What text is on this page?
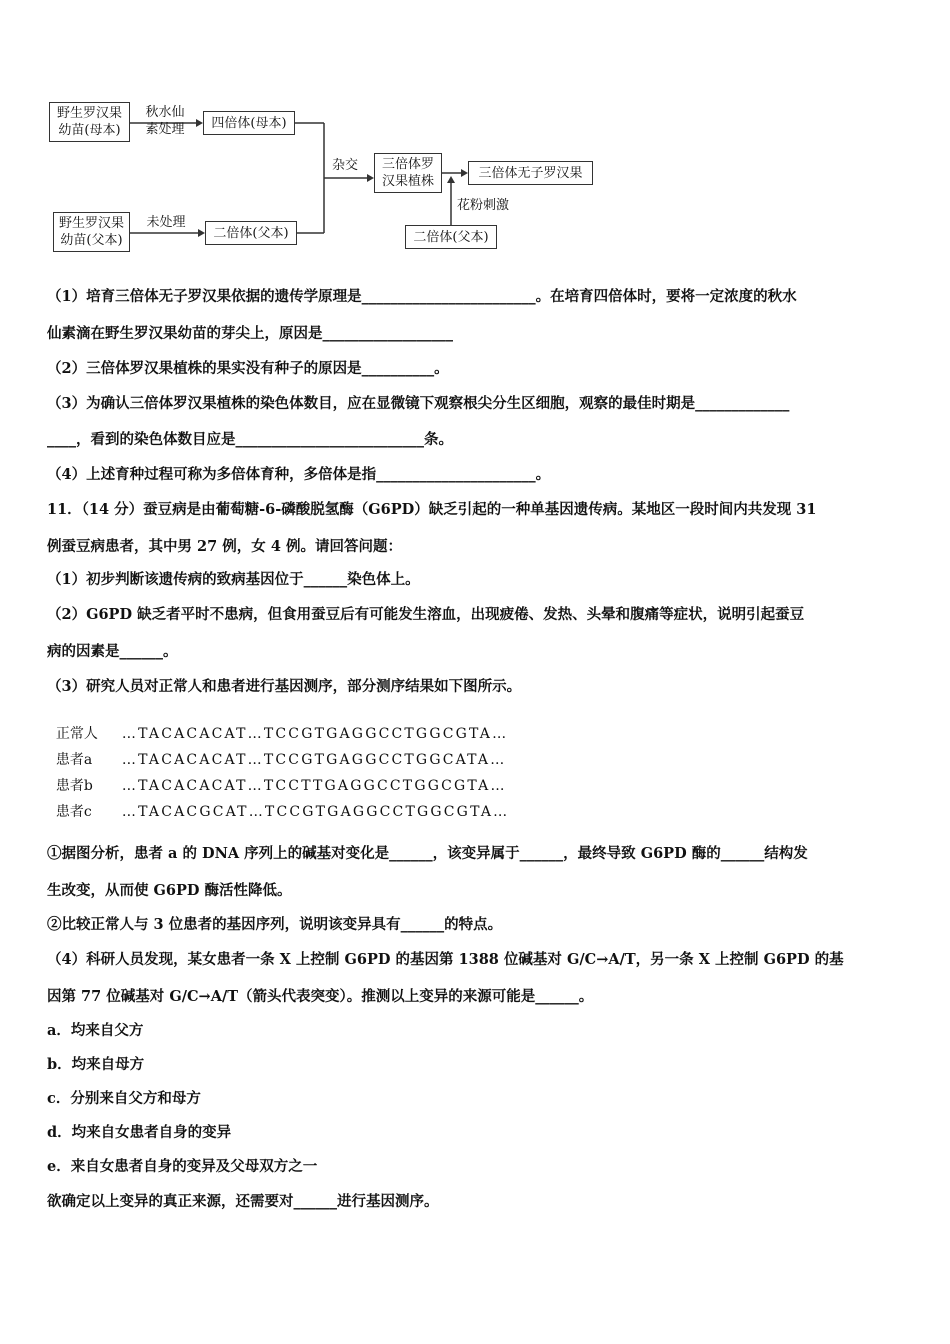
野生罗汉果
幼苗(母本)
秋水仙
素处理	四倍体(母本)
野生罗汉果
幼苗(父本)
未处理
二倍体(父本)
杂交	三倍体罗
汉果植株
三倍体无子罗汉果
花粉刺激
二倍体(父本)
（1）培育三倍体无子罗汉果依据的遗传学原理是________________________。在培育四倍体时，要将一定浓度的秋水
仙素滴在野生罗汉果幼苗的芽尖上，原因是__________________
（2）三倍体罗汉果植株的果实没有种子的原因是__________。
（3）为确认三倍体罗汉果植株的染色体数目，应在显微镜下观察根尖分生区细胞，观察的最佳时期是_____________
____，看到的染色体数目应是__________________________条。
（4）上述育种过程可称为多倍体育种，多倍体是指______________________。
11．（14 分）蚕豆病是由葡萄糖-6-磷酸脱氢酶（G6PD）缺乏引起的一种单基因遗传病。某地区一段时间内共发现 31
例蚕豆病患者，其中男 27 例，女 4 例。请回答问题：
（1）初步判断该遗传病的致病基因位于______染色体上。
（2）G6PD 缺乏者平时不患病，但食用蚕豆后有可能发生溶血，出现疲倦、发热、头晕和腹痛等症状，说明引起蚕豆
病的因素是______。
（3）研究人员对正常人和患者进行基因测序，部分测序结果如下图所示。

正常人 …TACACACAT…TCCGTGAGGCCTGGCGTA…

患者a …TACACACAT…TCCGTGAGGCCTGGCATA…

患者b …TACACACAT…TCCTTGAGGCCTGGCGTA…

患者c …TACACGCAT…TCCGTGAGGCCTGGCGTA…

①据图分析，患者 a 的 DNA 序列上的碱基对变化是______，该变异属于______，最终导致 G6PD 酶的______结构发
生改变，从而使 G6PD 酶活性降低。
②比较正常人与 3 位患者的基因序列，说明该变异具有______的特点。
（4）科研人员发现，某女患者一条 X 上控制 G6PD 的基因第 1388 位碱基对 G/C→A/T，另一条 X 上控制 G6PD 的基
因第 77 位碱基对 G/C→A/T（箭头代表突变）。推测以上变异的来源可能是______。
a．均来自父方
b．均来自母方
c．分别来自父方和母方
d．均来自女患者自身的变异
e．来自女患者自身的变异及父母双方之一
欲确定以上变异的真正来源，还需要对______进行基因测序。
